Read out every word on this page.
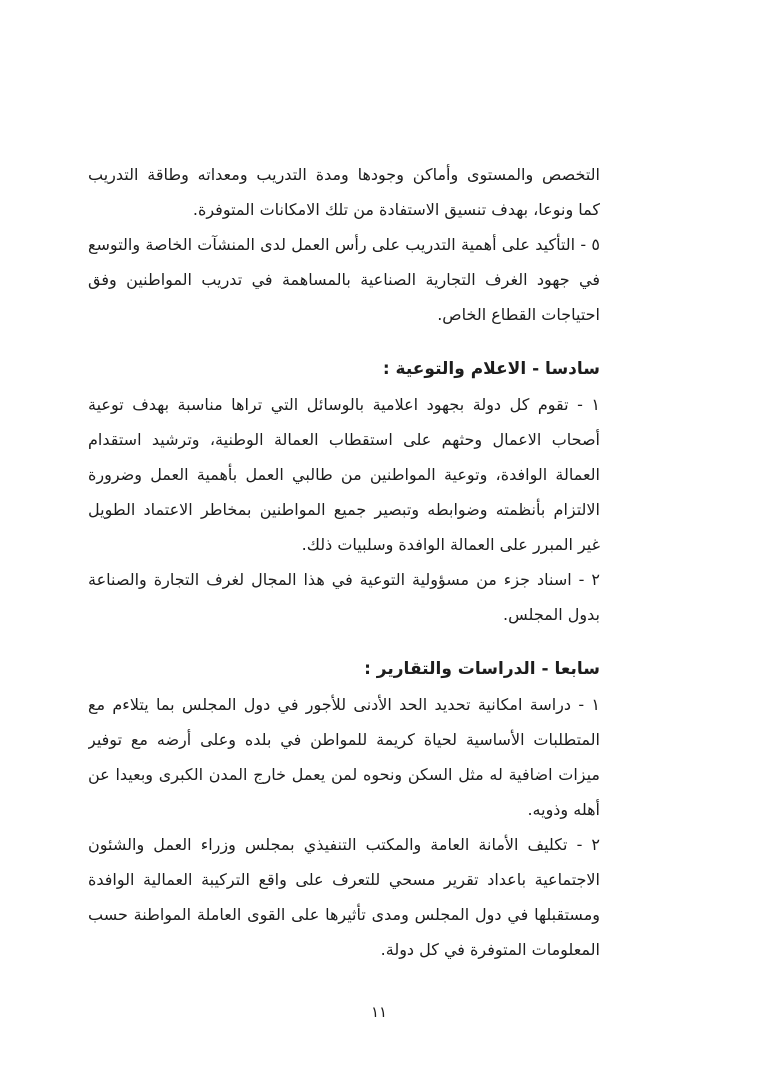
التخصص والمستوى وأماكن وجودها ومدة التدريب ومعداته وطاقة التدريب
كما ونوعا، بهدف تنسيق الاستفادة من تلك الامكانات المتوفرة.
٥ - التأكيد على أهمية التدريب على رأس العمل لدى المنشآت الخاصة والتوسع
في جهود الغرف التجارية الصناعية بالمساهمة في تدريب المواطنين وفق
احتياجات القطاع الخاص.
سادسا - الاعلام والتوعية :
١ - تقوم كل دولة بجهود اعلامية بالوسائل التي تراها مناسبة بهدف توعية
أصحاب الاعمال وحثهم على استقطاب العمالة الوطنية، وترشيد استقدام
العمالة الوافدة، وتوعية المواطنين من طالبي العمل بأهمية العمل وضرورة
الالتزام بأنظمته وضوابطه وتبصير جميع المواطنين بمخاطر الاعتماد الطويل
غير المبرر على العمالة الوافدة وسلبيات ذلك.
٢ - اسناد جزء من مسؤولية التوعية في هذا المجال لغرف التجارة والصناعة
بدول المجلس.
سابعا - الدراسات والتقارير :
١ - دراسة امكانية تحديد الحد الأدنى للأجور في دول المجلس بما يتلاءم مع
المتطلبات الأساسية لحياة كريمة للمواطن في بلده وعلى أرضه مع توفير
ميزات اضافية له مثل السكن ونحوه لمن يعمل خارج المدن الكبرى وبعيدا عن
أهله وذويه.
٢ - تكليف الأمانة العامة والمكتب التنفيذي بمجلس وزراء العمل والشئون
الاجتماعية باعداد تقرير مسحي للتعرف على واقع التركيبة العمالية الوافدة
ومستقبلها في دول المجلس ومدى تأثيرها على القوى العاملة المواطنة حسب
المعلومات المتوفرة في كل دولة.
١١
